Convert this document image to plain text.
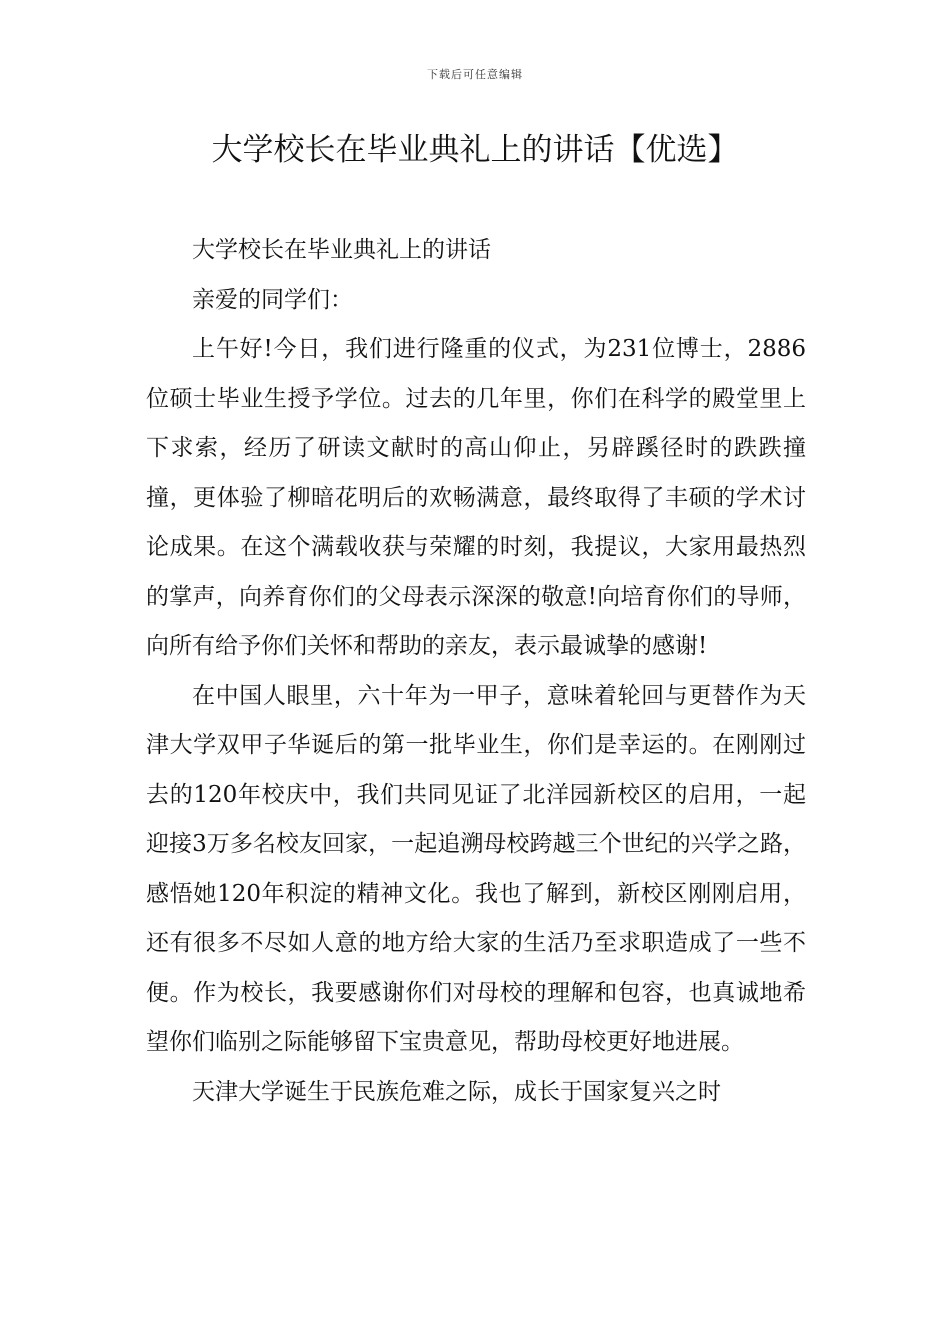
下载后可任意编辑
大学校长在毕业典礼上的讲话【优选】

大学校长在毕业典礼上的讲话

亲爱的同学们：

上午好!今日，我们进行隆重的仪式，为231位博士，2886位硕士毕业生授予学位。过去的几年里，你们在科学的殿堂里上下求索，经历了研读文献时的高山仰止，另辟蹊径时的跌跌撞撞，更体验了柳暗花明后的欢畅满意，最终取得了丰硕的学术讨论成果。在这个满载收获与荣耀的时刻，我提议，大家用最热烈的掌声，向养育你们的父母表示深深的敬意!向培育你们的导师，向所有给予你们关怀和帮助的亲友，表示最诚挚的感谢!

在中国人眼里，六十年为一甲子，意味着轮回与更替作为天津大学双甲子华诞后的第一批毕业生，你们是幸运的。在刚刚过去的120年校庆中，我们共同见证了北洋园新校区的启用，一起迎接3万多名校友回家，一起追溯母校跨越三个世纪的兴学之路，感悟她120年积淀的精神文化。我也了解到，新校区刚刚启用，还有很多不尽如人意的地方给大家的生活乃至求职造成了一些不便。作为校长，我要感谢你们对母校的理解和包容，也真诚地希望你们临别之际能够留下宝贵意见，帮助母校更好地进展。

天津大学诞生于民族危难之际，成长于国家复兴之时
